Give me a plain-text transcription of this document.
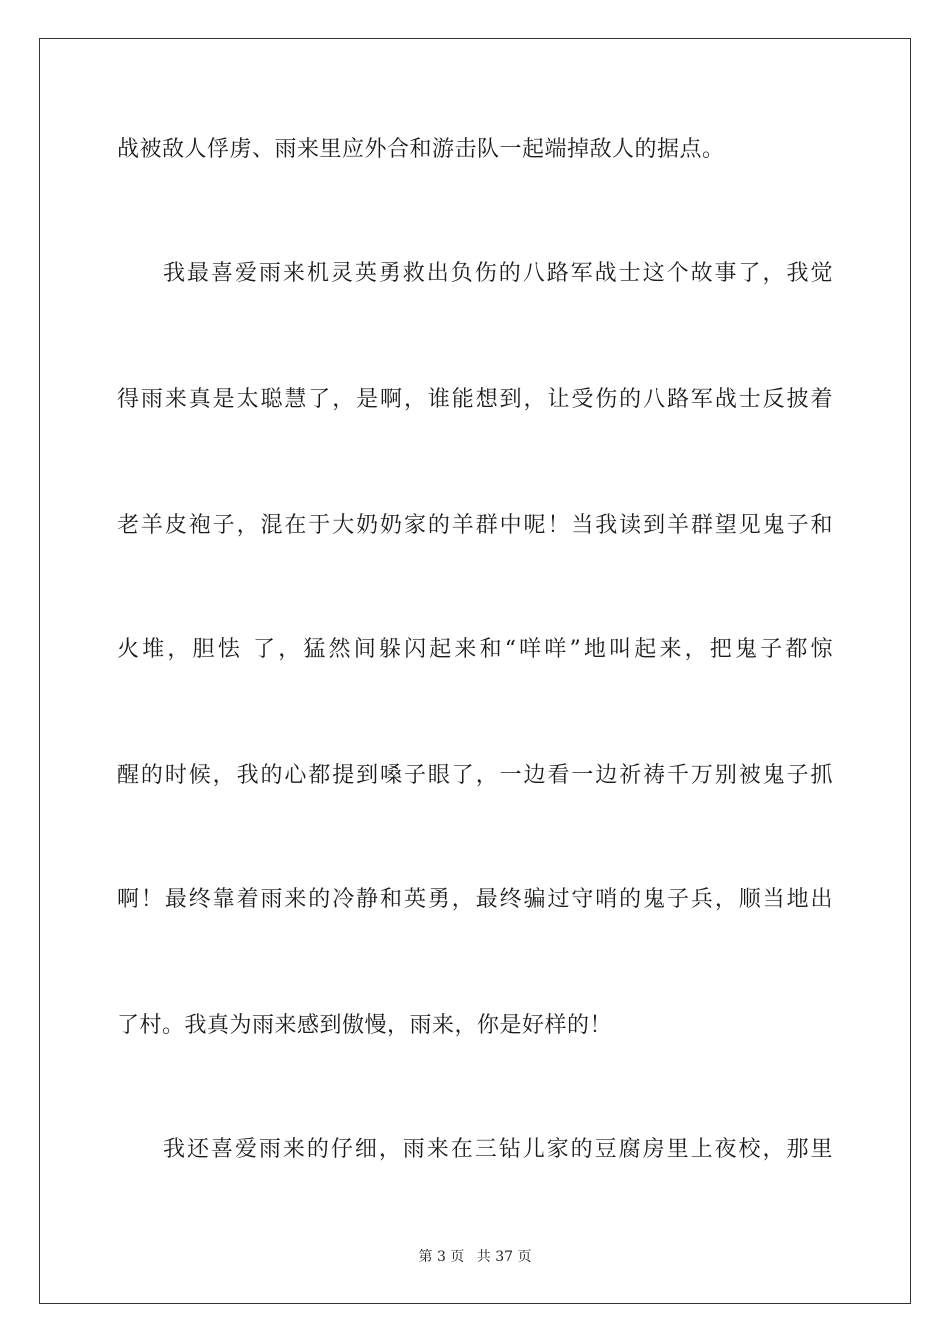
战被敌人俘虏、雨来里应外合和游击队一起端掉敌人的据点。
我最喜爱雨来机灵英勇救出负伤的八路军战士这个故事了，我觉
得雨来真是太聪慧了，是啊，谁能想到，让受伤的八路军战士反披着
老羊皮袍子，混在于大奶奶家的羊群中呢！当我读到羊群望见鬼子和
火堆，胆怯 了，猛然间躲闪起来和“咩咩”地叫起来，把鬼子都惊
醒的时候，我的心都提到嗓子眼了，一边看一边祈祷千万别被鬼子抓
啊！最终靠着雨来的冷静和英勇，最终骗过守哨的鬼子兵，顺当地出
了村。我真为雨来感到傲慢，雨来，你是好样的！
我还喜爱雨来的仔细，雨来在三钻儿家的豆腐房里上夜校，那里
第 3 页 共 37 页
